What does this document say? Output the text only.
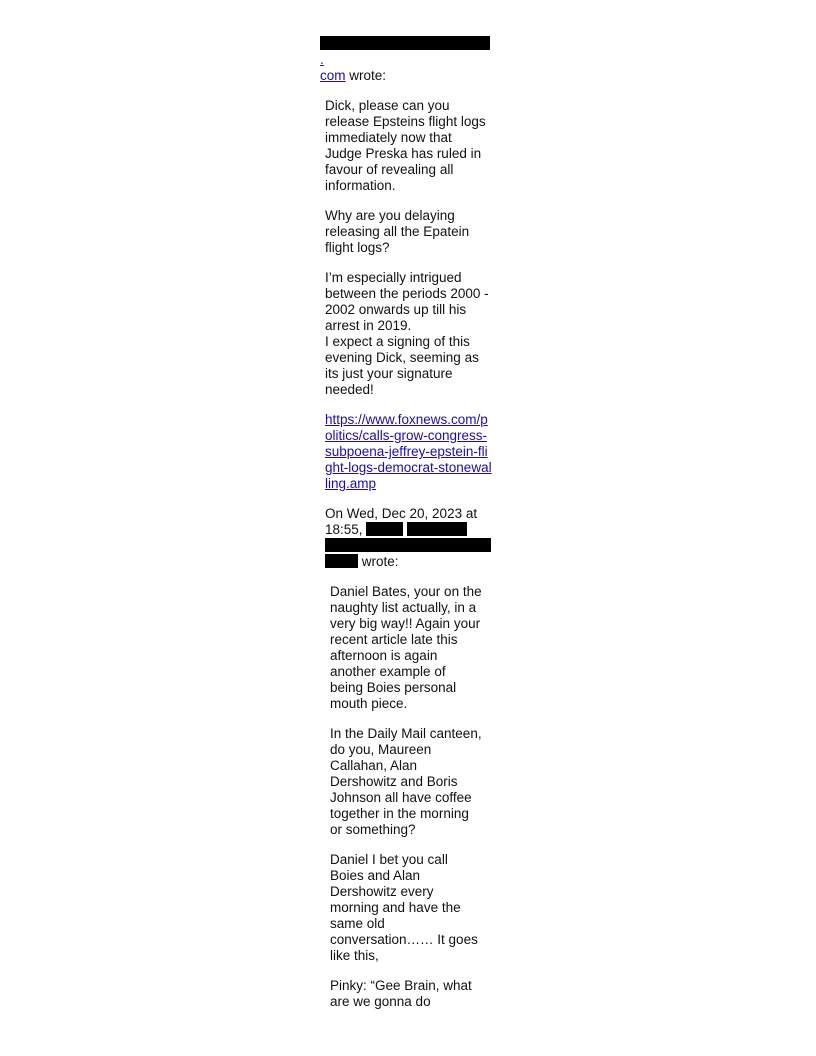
.
com wrote:

Dick, please can you release Epsteins flight logs immediately now that Judge Preska has ruled in favour of revealing all information.

Why are you delaying releasing all the Epatein flight logs?

I’m especially intrigued between the periods 2000 - 2002 onwards up till his arrest in 2019.

I expect a signing of this evening Dick, seeming as its just your signature needed!

https://www.foxnews.com/politics/calls-grow-congress-subpoena-jeffrey-epstein-flight-logs-democrat-stonewalling.amp

On Wed, Dec 20, 2023 at 18:55,

wrote:

Daniel Bates, your on the naughty list actually, in a very big way!! Again your recent article late this afternoon is again another example of being Boies personal mouth piece.

In the Daily Mail canteen, do you, Maureen Callahan, Alan Dershowitz and Boris Johnson all have coffee together in the morning or something?

Daniel I bet you call Boies and Alan Dershowitz every morning and have the same old conversation…… It goes like this,

Pinky: “Gee Brain, what are we gonna do
